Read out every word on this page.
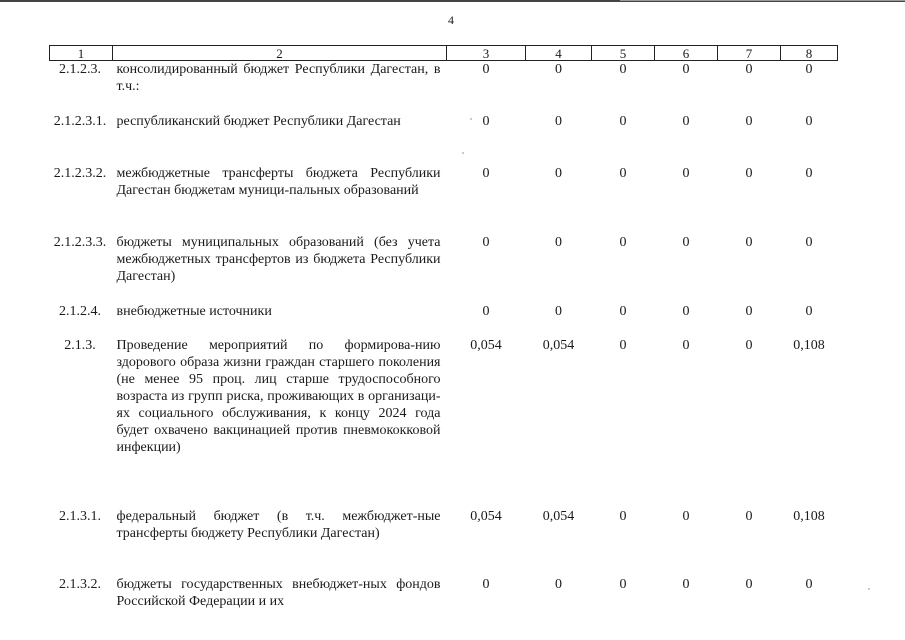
4
1	2	3	4	5	6	7	8
2.1.2.3.	консолидированный бюджет Республики Дагестан, в т.ч.:	0	0	0	0	0	0
2.1.2.3.1.	республиканский бюджет Республики Дагестан	0	0	0	0	0	0
2.1.2.3.2.	межбюджетные трансферты бюджета Республики Дагестан бюджетам муници-пальных образований	0	0	0	0	0	0
2.1.2.3.3.	бюджеты муниципальных образований (без учета межбюджетных трансфертов из бюджета Республики Дагестан)	0	0	0	0	0	0
2.1.2.4.	внебюджетные источники	0	0	0	0	0	0
2.1.3.	Проведение мероприятий по формирова-нию здорового образа жизни граждан старшего поколения (не менее 95 проц. лиц старше трудоспособного возраста из групп риска, проживающих в организаци-ях социального обслуживания, к концу 2024 года будет охвачено вакцинацией против пневмококковой инфекции)	0,054	0,054	0	0	0	0,108
2.1.3.1.	федеральный бюджет (в т.ч. межбюджет-ные трансферты бюджету Республики Дагестан)	0,054	0,054	0	0	0	0,108
2.1.3.2.	бюджеты государственных внебюджет-ных фондов Российской Федерации и их	0	0	0	0	0	0
